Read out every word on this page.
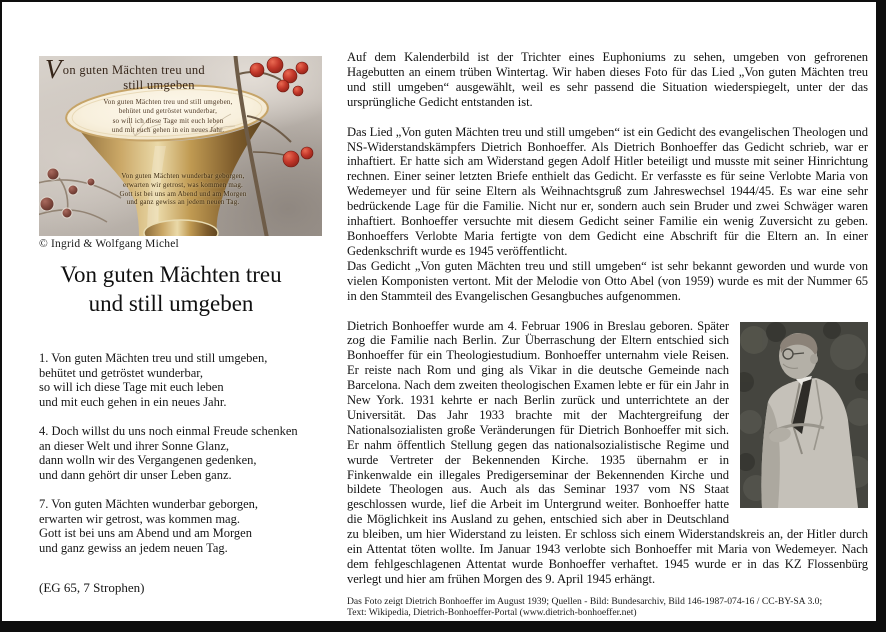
Von guten Mächten treu und
still umgeben
Von guten Mächten treu und still umgeben,
behütet und getröstet wunderbar,
so will ich diese Tage mit euch leben
und mit euch gehen in ein neues Jahr.
Von guten Mächten wunderbar geborgen,
erwarten wir getrost, was kommen mag.
Gott ist bei uns am Abend und am Morgen
und ganz gewiss an jedem neuen Tag.
© Ingrid & Wolfgang Michel
Von guten Mächten treu
und still umgeben
1. Von guten Mächten treu und still umgeben,
behütet und getröstet wunderbar,
so will ich diese Tage mit euch leben
und mit euch gehen in ein neues Jahr.
4. Doch willst du uns noch einmal Freude schenken
an dieser Welt und ihrer Sonne Glanz,
dann wolln wir des Vergangenen gedenken,
und dann gehört dir unser Leben ganz.
7. Von guten Mächten wunderbar geborgen,
erwarten wir getrost, was kommen mag.
Gott ist bei uns am Abend und am Morgen
und ganz gewiss an jedem neuen Tag.
(EG 65, 7 Strophen)

Auf dem Kalenderbild ist der Trichter eines Euphoniums zu sehen, umgeben von gefrorenen Hagebutten an einem trüben Wintertag. Wir haben dieses Foto für das Lied „Von guten Mächten treu und still umgeben“ ausgewählt, weil es sehr passend die Situation wiederspiegelt, unter der das ursprüngliche Gedicht entstanden ist.

Das Lied „Von guten Mächten treu und still umgeben“ ist ein Gedicht des evangelischen Theologen und NS-Widerstandskämpfers Dietrich Bonhoeffer. Als Dietrich Bonhoeffer das Gedicht schrieb, war er inhaftiert. Er hatte sich am Widerstand gegen Adolf Hitler beteiligt und musste mit seiner Hinrichtung rechnen. Einer seiner letzten Briefe enthielt das Gedicht. Er verfasste es für seine Verlobte Maria von Wedemeyer und für seine Eltern als Weihnachtsgruß zum Jahreswechsel 1944/45. Es war eine sehr bedrückende Lage für die Familie. Nicht nur er, sondern auch sein Bruder und zwei Schwäger waren inhaftiert. Bonhoeffer versuchte mit diesem Gedicht seiner Familie ein wenig Zuversicht zu geben. Bonhoeffers Verlobte Maria fertigte von dem Gedicht eine Abschrift für die Eltern an. In einer Gedenkschrift wurde es 1945 veröffentlicht.

Das Gedicht „Von guten Mächten treu und still umgeben“ ist sehr bekannt geworden und wurde von vielen Komponisten vertont. Mit der Melodie von Otto Abel (von 1959) wurde es mit der Nummer 65 in den Stammteil des Evangelischen Gesangbuches aufgenommen.

Dietrich Bonhoeffer wurde am 4. Februar 1906 in Breslau geboren. Später zog die Familie nach Berlin. Zur Überraschung der Eltern entschied sich Bonhoeffer für ein Theologiestudium. Bonhoeffer unternahm viele Reisen. Er reiste nach Rom und ging als Vikar in die deutsche Gemeinde nach Barcelona. Nach dem zweiten theologischen Examen lebte er für ein Jahr in New York. 1931 kehrte er nach Berlin zurück und unterrichtete an der Universität. Das Jahr 1933 brachte mit der Machtergreifung der Nationalsozialisten große Veränderungen für Dietrich Bonhoeffer mit sich. Er nahm öffentlich Stellung gegen das nationalsozialistische Regime und wurde Vertreter der Bekennenden Kirche. 1935 übernahm er in Finkenwalde ein illegales Predigerseminar der Bekennenden Kirche und bildete Theologen aus. Auch als das Seminar 1937 vom NS Staat geschlossen wurde, lief die Arbeit im Untergrund weiter. Bonhoeffer hatte die Möglichkeit ins Ausland zu gehen, entschied sich aber in Deutschland zu bleiben, um hier Widerstand zu leisten. Er schloss sich einem Widerstandskreis an, der Hitler durch ein Attentat töten wollte. Im Januar 1943 verlobte sich Bonhoeffer mit Maria von Wedemeyer. Nach dem fehlgeschlagenen Attentat wurde Bonhoeffer verhaftet. 1945 wurde er in das KZ Flossenbürg verlegt und hier am frühen Morgen des 9. April 1945 erhängt.

Das Foto zeigt Dietrich Bonhoeffer im August 1939; Quellen - Bild: Bundesarchiv, Bild 146-1987-074-16 / CC-BY-SA 3.0;
Text: Wikipedia, Dietrich-Bonhoeffer-Portal (www.dietrich-bonhoeffer.net)
